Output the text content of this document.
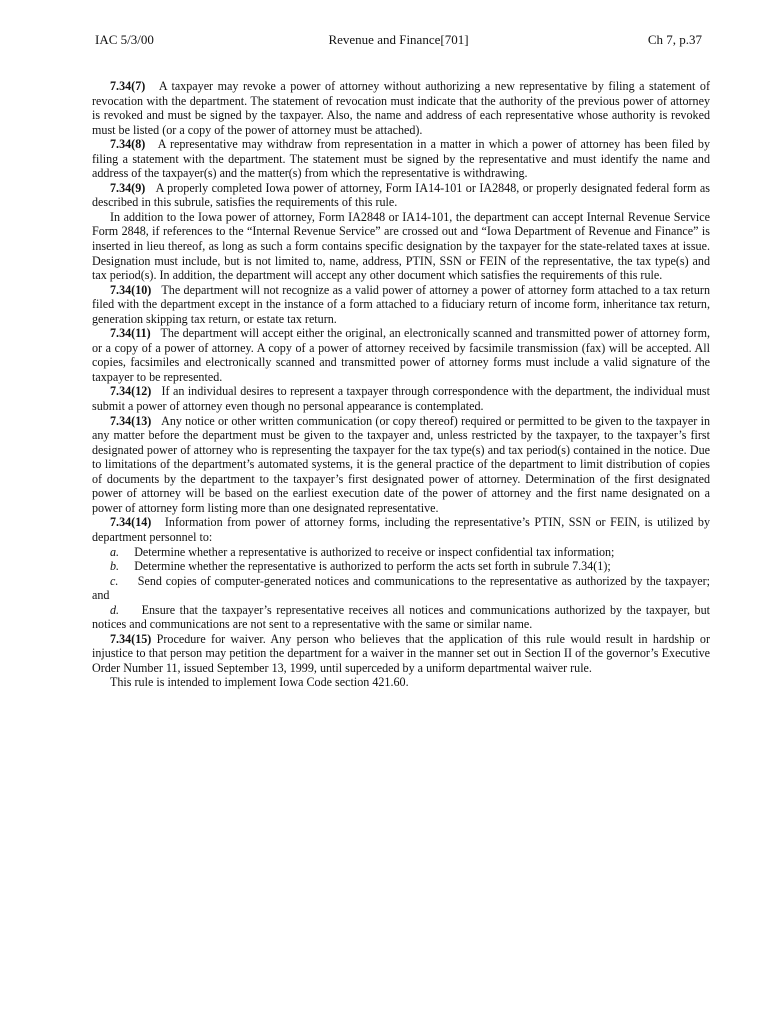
IAC 5/3/00	Revenue and Finance[701]	Ch 7, p.37

7.34(7) A taxpayer may revoke a power of attorney without authorizing a new representative by filing a statement of revocation with the department. The statement of revocation must indicate that the authority of the previous power of attorney is revoked and must be signed by the taxpayer. Also, the name and address of each representative whose authority is revoked must be listed (or a copy of the power of attorney must be attached).

7.34(8) A representative may withdraw from representation in a matter in which a power of attorney has been filed by filing a statement with the department. The statement must be signed by the representative and must identify the name and address of the taxpayer(s) and the matter(s) from which the representative is withdrawing.

7.34(9) A properly completed Iowa power of attorney, Form IA14-101 or IA2848, or properly designated federal form as described in this subrule, satisfies the requirements of this rule.

In addition to the Iowa power of attorney, Form IA2848 or IA14-101, the department can accept Internal Revenue Service Form 2848, if references to the “Internal Revenue Service” are crossed out and “Iowa Department of Revenue and Finance” is inserted in lieu thereof, as long as such a form contains specific designation by the taxpayer for the state-related taxes at issue. Designation must include, but is not limited to, name, address, PTIN, SSN or FEIN of the representative, the tax type(s) and tax period(s). In addition, the department will accept any other document which satisfies the requirements of this rule.

7.34(10) The department will not recognize as a valid power of attorney a power of attorney form attached to a tax return filed with the department except in the instance of a form attached to a fiduciary return of income form, inheritance tax return, generation skipping tax return, or estate tax return.

7.34(11) The department will accept either the original, an electronically scanned and transmitted power of attorney form, or a copy of a power of attorney. A copy of a power of attorney received by facsimile transmission (fax) will be accepted. All copies, facsimiles and electronically scanned and transmitted power of attorney forms must include a valid signature of the taxpayer to be represented.

7.34(12) If an individual desires to represent a taxpayer through correspondence with the department, the individual must submit a power of attorney even though no personal appearance is contemplated.

7.34(13) Any notice or other written communication (or copy thereof) required or permitted to be given to the taxpayer in any matter before the department must be given to the taxpayer and, unless restricted by the taxpayer, to the taxpayer’s first designated power of attorney who is representing the taxpayer for the tax type(s) and tax period(s) contained in the notice. Due to limitations of the department’s automated systems, it is the general practice of the department to limit distribution of copies of documents by the department to the taxpayer’s first designated power of attorney. Determination of the first designated power of attorney will be based on the earliest execution date of the power of attorney and the first name designated on a power of attorney form listing more than one designated representative.

7.34(14) Information from power of attorney forms, including the representative’s PTIN, SSN or FEIN, is utilized by department personnel to:

a. Determine whether a representative is authorized to receive or inspect confidential tax information;

b. Determine whether the representative is authorized to perform the acts set forth in subrule 7.34(1);

c. Send copies of computer-generated notices and communications to the representative as authorized by the taxpayer; and

d. Ensure that the taxpayer’s representative receives all notices and communications authorized by the taxpayer, but notices and communications are not sent to a representative with the same or similar name.

7.34(15) Procedure for waiver. Any person who believes that the application of this rule would result in hardship or injustice to that person may petition the department for a waiver in the manner set out in Section II of the governor’s Executive Order Number 11, issued September 13, 1999, until superceded by a uniform departmental waiver rule.

This rule is intended to implement Iowa Code section 421.60.
